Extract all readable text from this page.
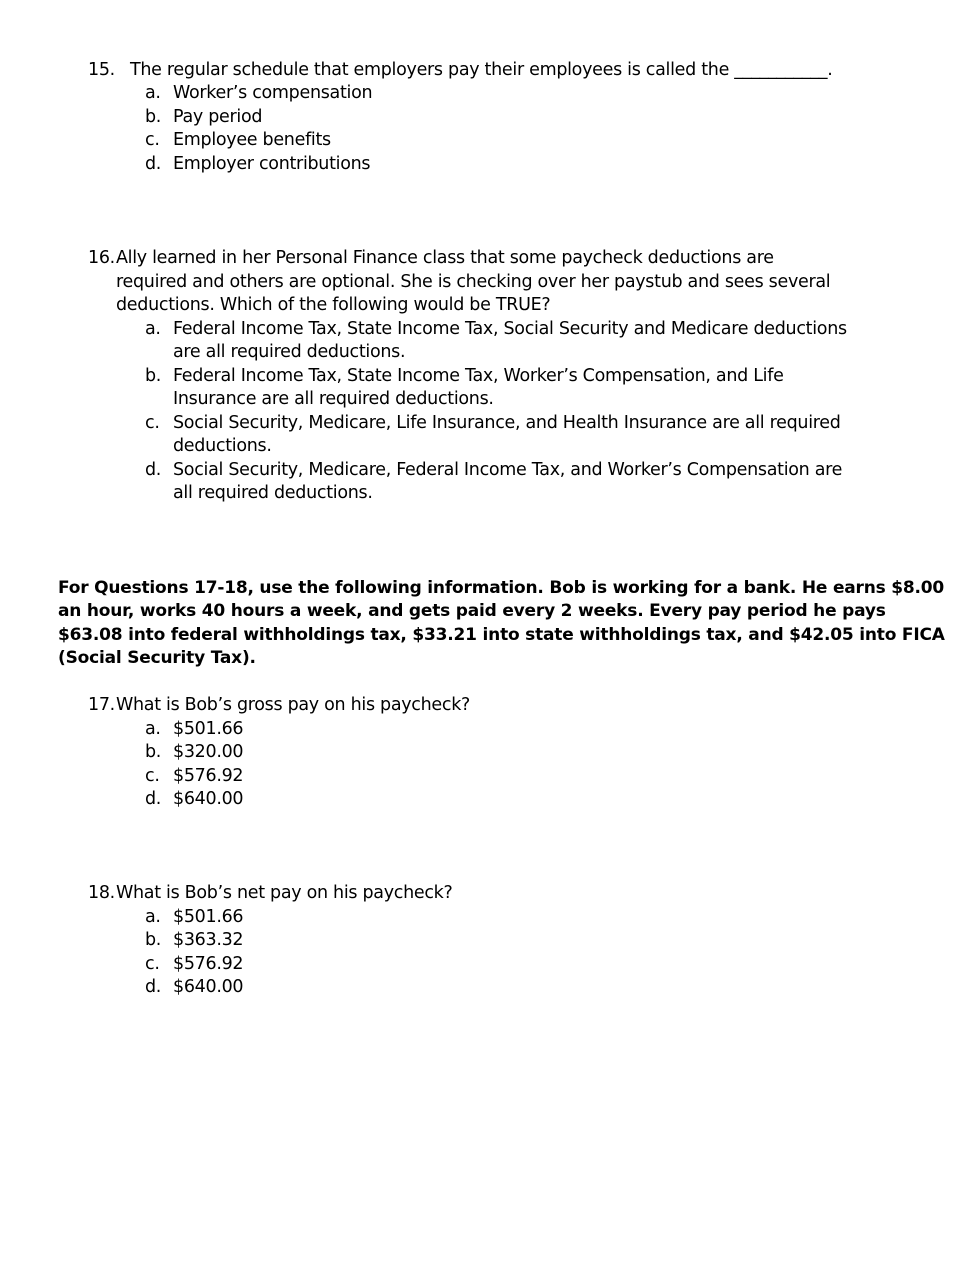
15. The regular schedule that employers pay their employees is called the ___________.
a. Worker’s compensation
b. Pay period
c. Employee benefits
d. Employer contributions
16. Ally learned in her Personal Finance class that some paycheck deductions are
required and others are optional. She is checking over her paystub and sees several
deductions. Which of the following would be TRUE?
a. Federal Income Tax, State Income Tax, Social Security and Medicare deductions
are all required deductions.
b. Federal Income Tax, State Income Tax, Worker’s Compensation, and Life
Insurance are all required deductions.
c. Social Security, Medicare, Life Insurance, and Health Insurance are all required
deductions.
d. Social Security, Medicare, Federal Income Tax, and Worker’s Compensation are
all required deductions.
For Questions 17-18, use the following information. Bob is working for a bank. He earns $8.00
an hour, works 40 hours a week, and gets paid every 2 weeks. Every pay period he pays
$63.08 into federal withholdings tax, $33.21 into state withholdings tax, and $42.05 into FICA
(Social Security Tax).
17. What is Bob’s gross pay on his paycheck?
a. $501.66
b. $320.00
c. $576.92
d. $640.00
18. What is Bob’s net pay on his paycheck?
a. $501.66
b. $363.32
c. $576.92
d. $640.00
